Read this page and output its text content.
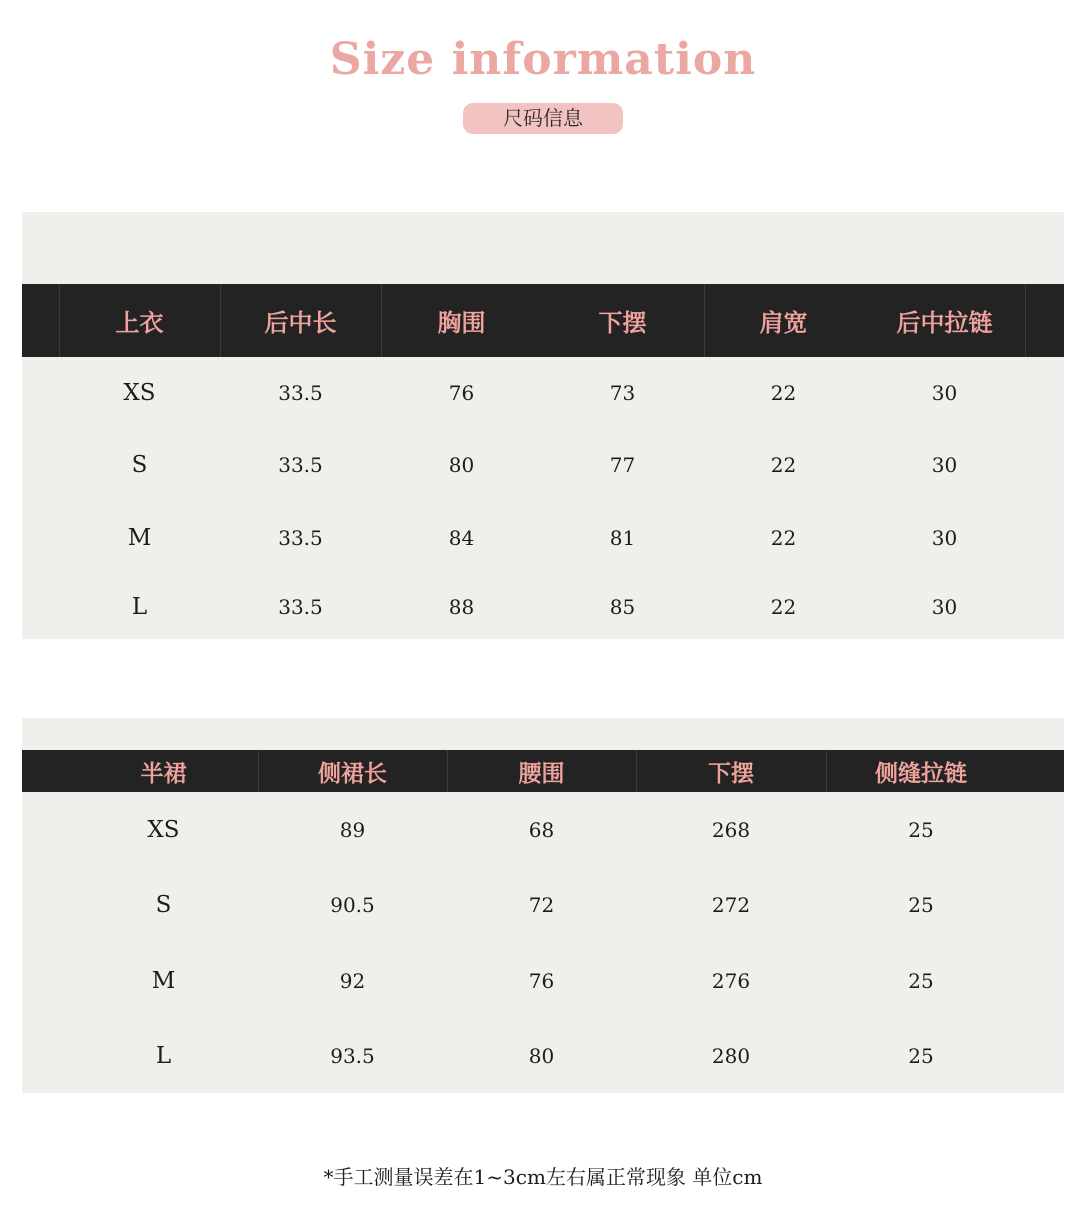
Size information
尺码信息
上衣	后中长	胸围	下摆	肩宽	后中拉链
XS	33.5	76	73	22	30
S	33.5	80	77	22	30
M	33.5	84	81	22	30
L	33.5	88	85	22	30
半裙	侧裙长	腰围	下摆	侧缝拉链
XS	89	68	268	25
S	90.5	72	272	25
M	92	76	276	25
L	93.5	80	280	25
*手工测量误差在1~3cm左右属正常现象 单位cm
